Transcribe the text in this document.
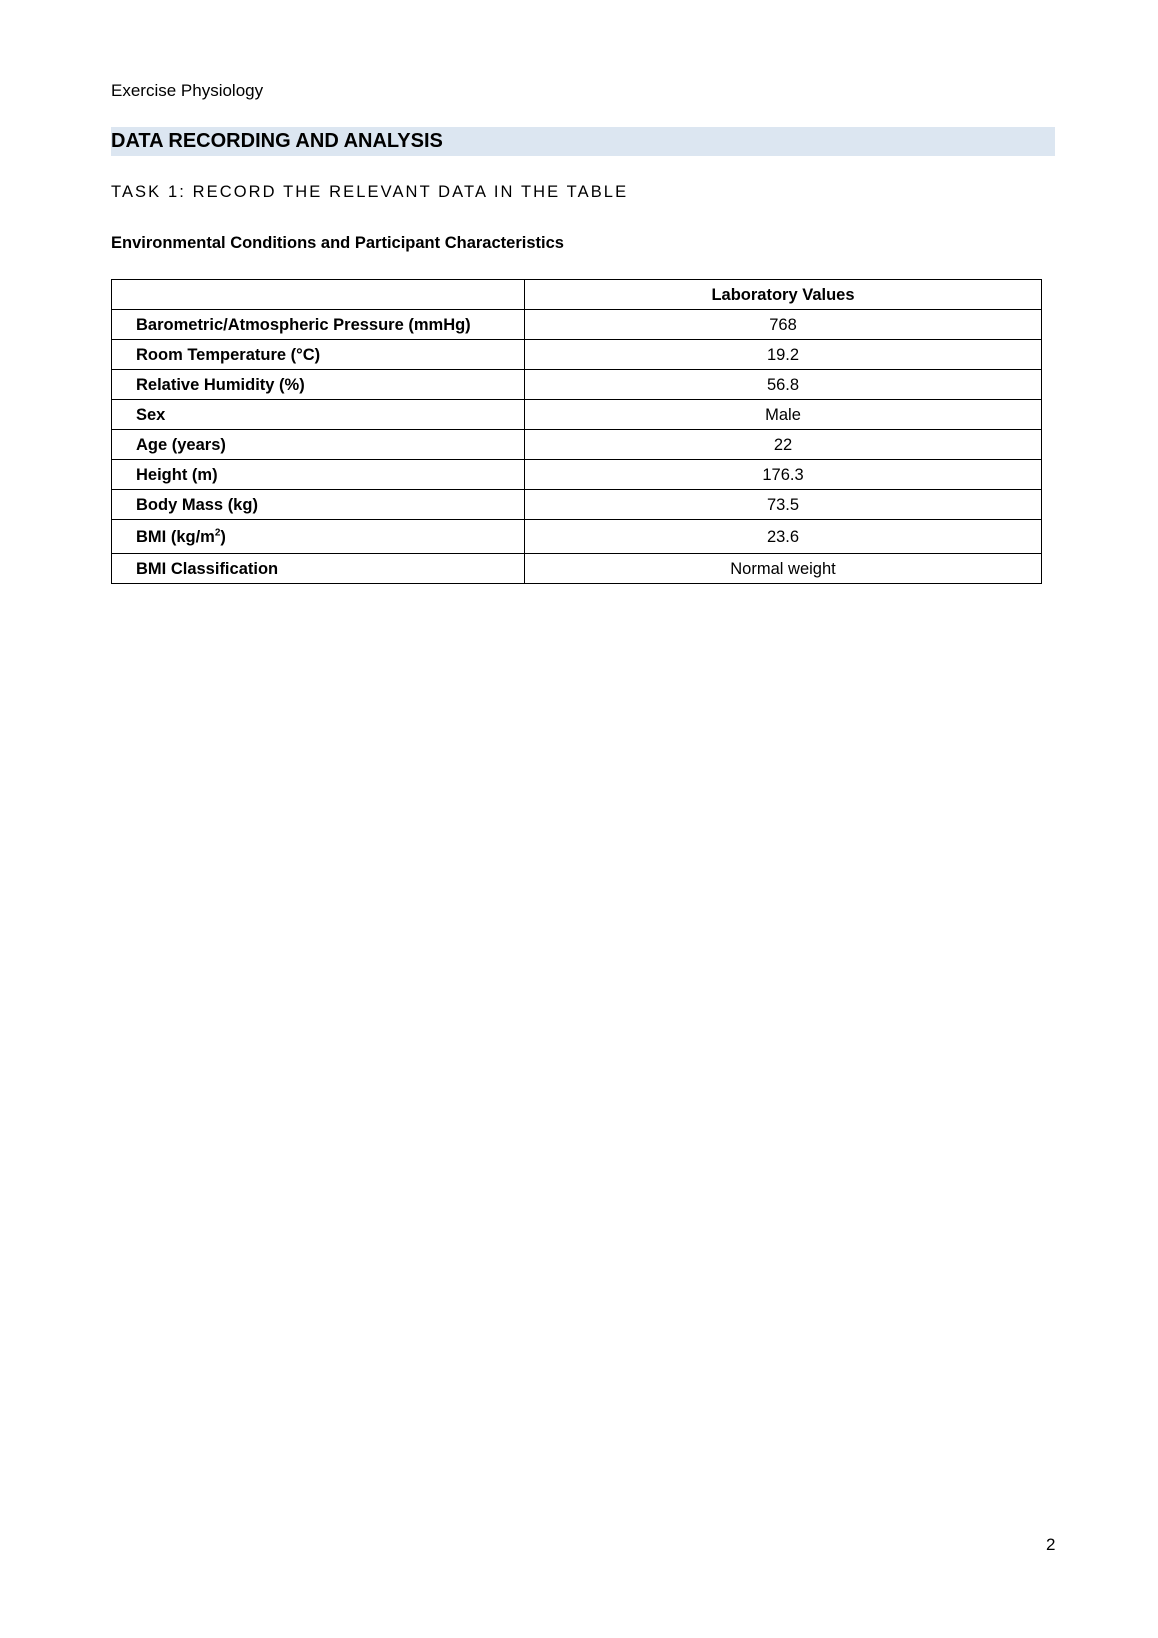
Exercise Physiology
DATA RECORDING AND ANALYSIS
TASK 1: RECORD THE RELEVANT DATA IN THE TABLE
Environmental Conditions and Participant Characteristics
	Laboratory Values
Barometric/Atmospheric Pressure (mmHg)	768
Room Temperature (°C)	19.2
Relative Humidity (%)	56.8
Sex	Male
Age (years)	22
Height (m)	176.3
Body Mass (kg)	73.5
BMI $(kg/m^2)$	23.6
BMI Classification	Normal weight
2
